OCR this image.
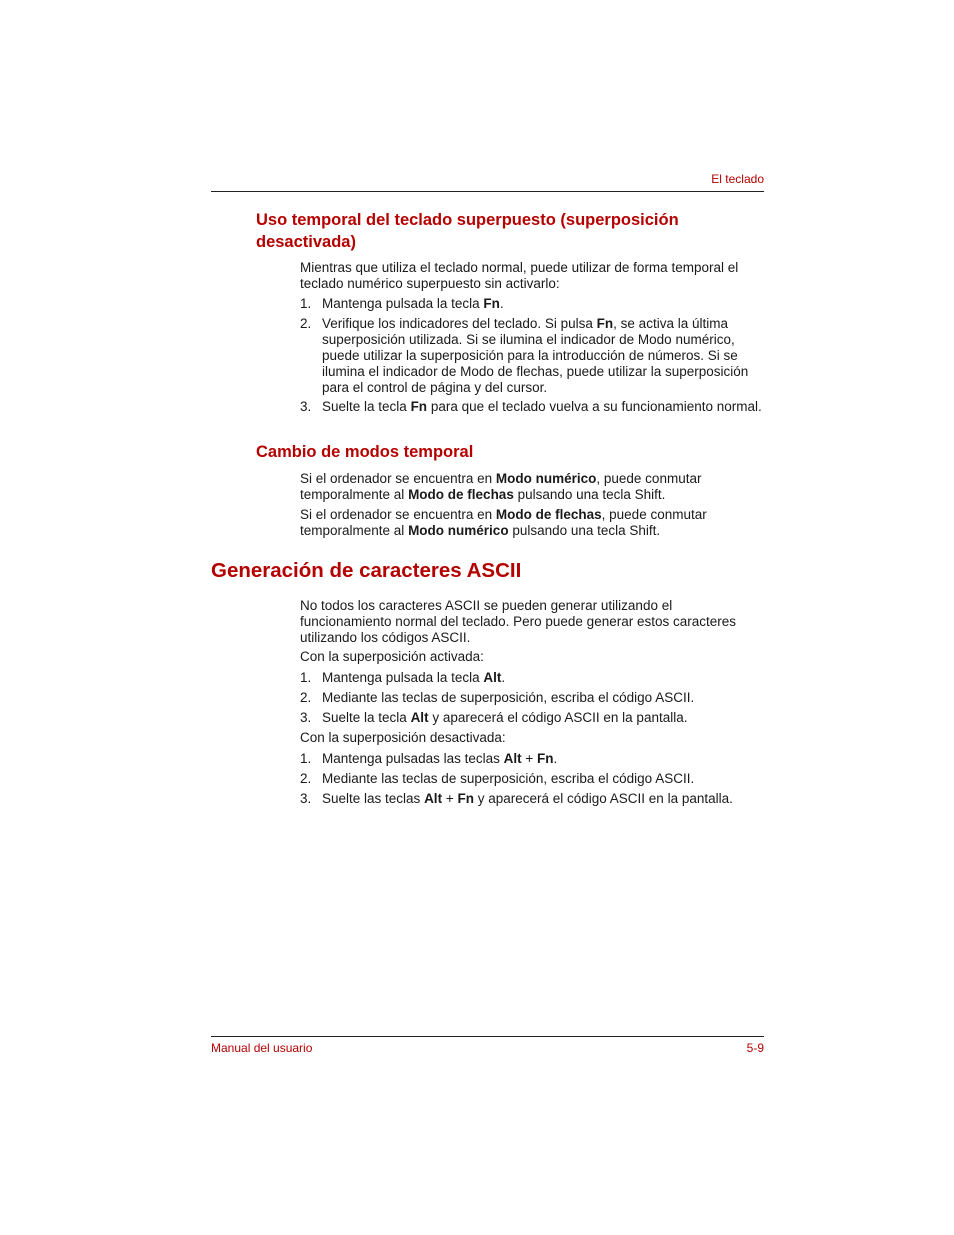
El teclado
Uso temporal del teclado superpuesto (superposición desactivada)

Mientras que utiliza el teclado normal, puede utilizar de forma temporal el teclado numérico superpuesto sin activarlo:

1. Mantenga pulsada la tecla Fn.
2. Verifique los indicadores del teclado. Si pulsa Fn, se activa la última superposición utilizada. Si se ilumina el indicador de Modo numérico, puede utilizar la superposición para la introducción de números. Si se ilumina el indicador de Modo de flechas, puede utilizar la superposición para el control de página y del cursor.
3. Suelte la tecla Fn para que el teclado vuelva a su funcionamiento normal.
Cambio de modos temporal

Si el ordenador se encuentra en Modo numérico, puede conmutar temporalmente al Modo de flechas pulsando una tecla Shift.

Si el ordenador se encuentra en Modo de flechas, puede conmutar temporalmente al Modo numérico pulsando una tecla Shift.

Generación de caracteres ASCII

No todos los caracteres ASCII se pueden generar utilizando el funcionamiento normal del teclado. Pero puede generar estos caracteres utilizando los códigos ASCII.

Con la superposición activada:

1. Mantenga pulsada la tecla Alt.
2. Mediante las teclas de superposición, escriba el código ASCII.
3. Suelte la tecla Alt y aparecerá el código ASCII en la pantalla.

Con la superposición desactivada:

1. Mantenga pulsadas las teclas Alt + Fn.
2. Mediante las teclas de superposición, escriba el código ASCII.
3. Suelte las teclas Alt + Fn y aparecerá el código ASCII en la pantalla.
Manual del usuario	5-9
